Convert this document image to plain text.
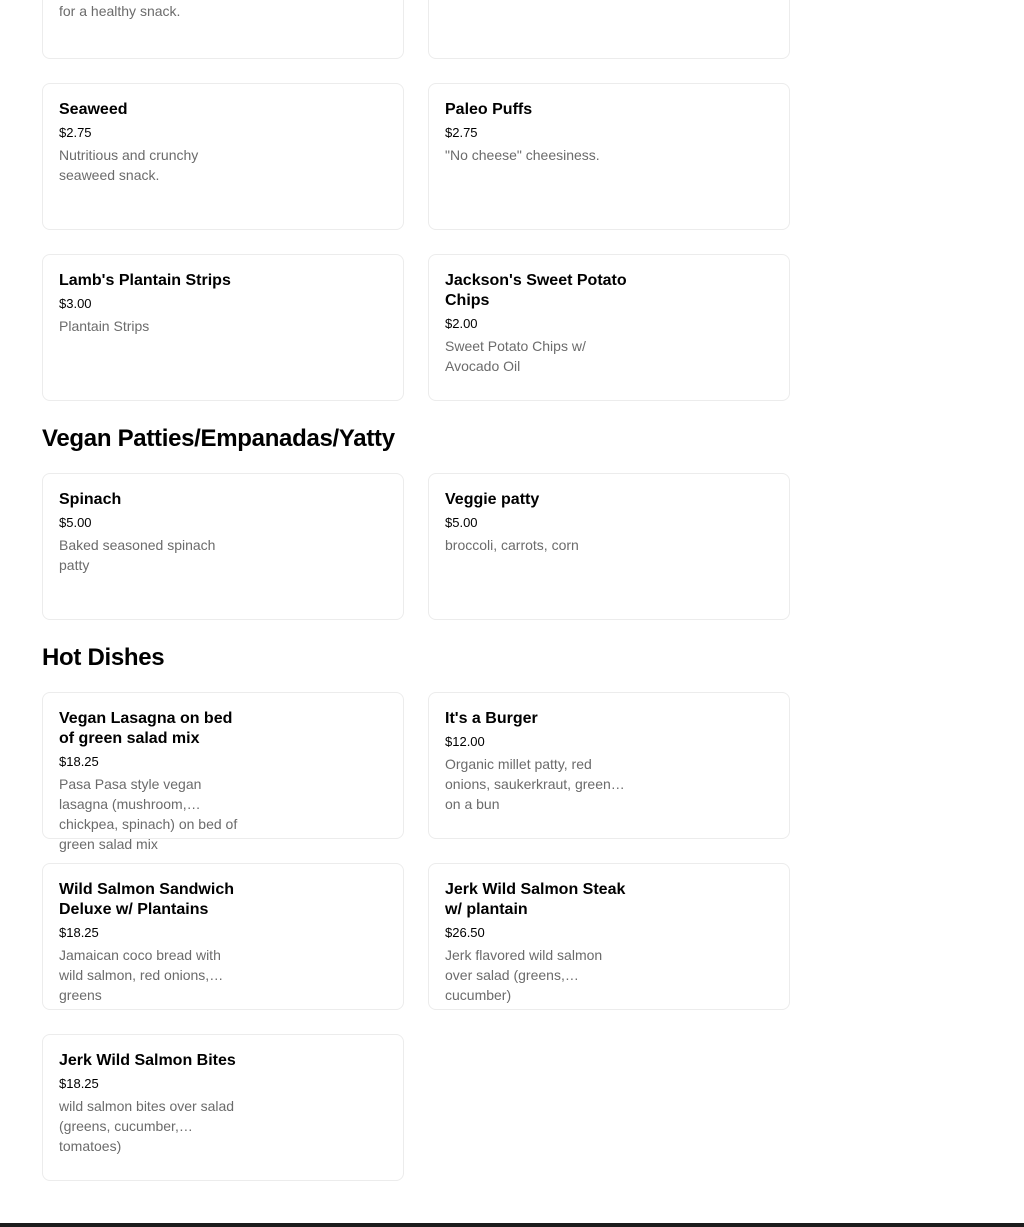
for a healthy snack.
Seaweed
$2.75
Nutritious and crunchy seaweed snack.
Paleo Puffs
$2.75
"No cheese" cheesiness.
Lamb's Plantain Strips
$3.00
Plantain Strips
Jackson's Sweet Potato Chips
$2.00
Sweet Potato Chips w/ Avocado Oil
Vegan Patties/Empanadas/Yatty
Spinach
$5.00
Baked seasoned spinach patty
Veggie patty
$5.00
broccoli, carrots, corn
Hot Dishes
Vegan Lasagna on bed of green salad mix
$18.25
Pasa Pasa style vegan lasagna (mushroom, chickpea, spinach) on bed of green salad mix
It's a Burger
$12.00
Organic millet patty, red onions, saukerkraut, greens on a bun
Wild Salmon Sandwich Deluxe w/ Plantains
$18.25
Jamaican coco bread with wild salmon, red onions, greens
Jerk Wild Salmon Steak w/ plantain
$26.50
Jerk flavored wild salmon over salad (greens, cucumber)
Jerk Wild Salmon Bites
$18.25
wild salmon bites over salad (greens, cucumber, tomatoes)
